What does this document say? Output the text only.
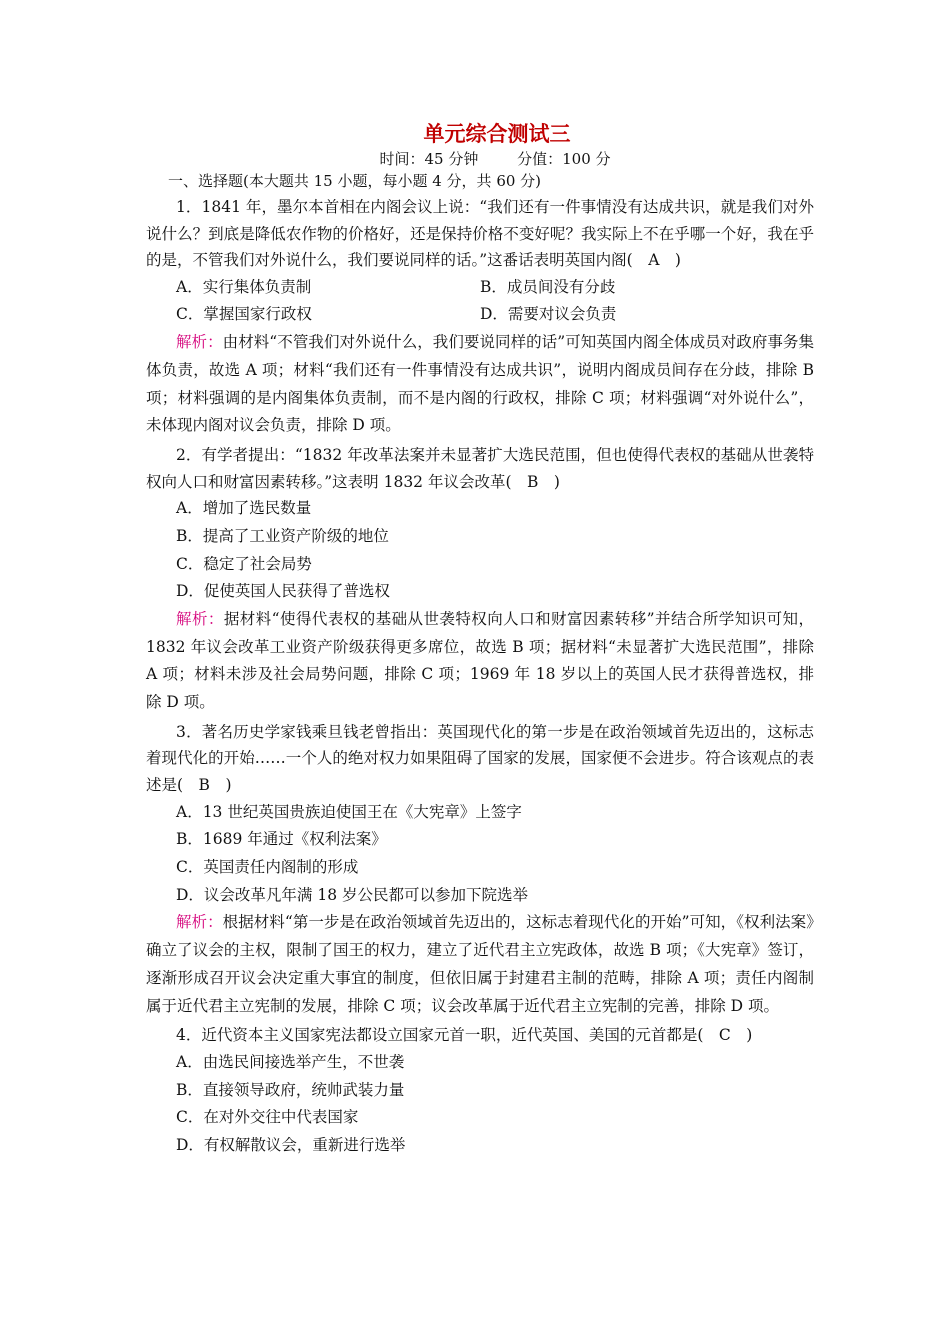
单元综合测试三
时间：45 分钟	分值：100 分
一、选择题(本大题共 15 小题，每小题 4 分，共 60 分)

1．1841 年，墨尔本首相在内阁会议上说：“我们还有一件事情没有达成共识，就是我们对外说什么？到底是降低农作物的价格好，还是保持价格不变好呢？我实际上不在乎哪一个好，我在乎的是，不管我们对外说什么，我们要说同样的话。”这番话表明英国内阁(　A　)

A．实行集体负责制	B．成员间没有分歧
C．掌握国家行政权	D．需要对议会负责

解析：由材料“不管我们对外说什么，我们要说同样的话”可知英国内阁全体成员对政府事务集体负责，故选 A 项；材料“我们还有一件事情没有达成共识”，说明内阁成员间存在分歧，排除 B 项；材料强调的是内阁集体负责制，而不是内阁的行政权，排除 C 项；材料强调“对外说什么”，未体现内阁对议会负责，排除 D 项。

2．有学者提出：“1832 年改革法案并未显著扩大选民范围，但也使得代表权的基础从世袭特权向人口和财富因素转移。”这表明 1832 年议会改革(　B　)

A．增加了选民数量
B．提高了工业资产阶级的地位
C．稳定了社会局势
D．促使英国人民获得了普选权

解析：据材料“使得代表权的基础从世袭特权向人口和财富因素转移”并结合所学知识可知，1832 年议会改革工业资产阶级获得更多席位，故选 B 项；据材料“未显著扩大选民范围”，排除 A 项；材料未涉及社会局势问题，排除 C 项；1969 年 18 岁以上的英国人民才获得普选权，排除 D 项。

3．著名历史学家钱乘旦钱老曾指出：英国现代化的第一步是在政治领域首先迈出的，这标志着现代化的开始……一个人的绝对权力如果阻碍了国家的发展，国家便不会进步。符合该观点的表述是(　B　)

A．13 世纪英国贵族迫使国王在《大宪章》上签字
B．1689 年通过《权利法案》
C．英国责任内阁制的形成
D．议会改革凡年满 18 岁公民都可以参加下院选举

解析：根据材料“第一步是在政治领域首先迈出的，这标志着现代化的开始”可知，《权利法案》确立了议会的主权，限制了国王的权力，建立了近代君主立宪政体，故选 B 项；《大宪章》签订，逐渐形成召开议会决定重大事宜的制度，但依旧属于封建君主制的范畴，排除 A 项；责任内阁制属于近代君主立宪制的发展，排除 C 项；议会改革属于近代君主立宪制的完善，排除 D 项。

4．近代资本主义国家宪法都设立国家元首一职，近代英国、美国的元首都是(　C　)

A．由选民间接选举产生，不世袭
B．直接领导政府，统帅武装力量
C．在对外交往中代表国家
D．有权解散议会，重新进行选举
